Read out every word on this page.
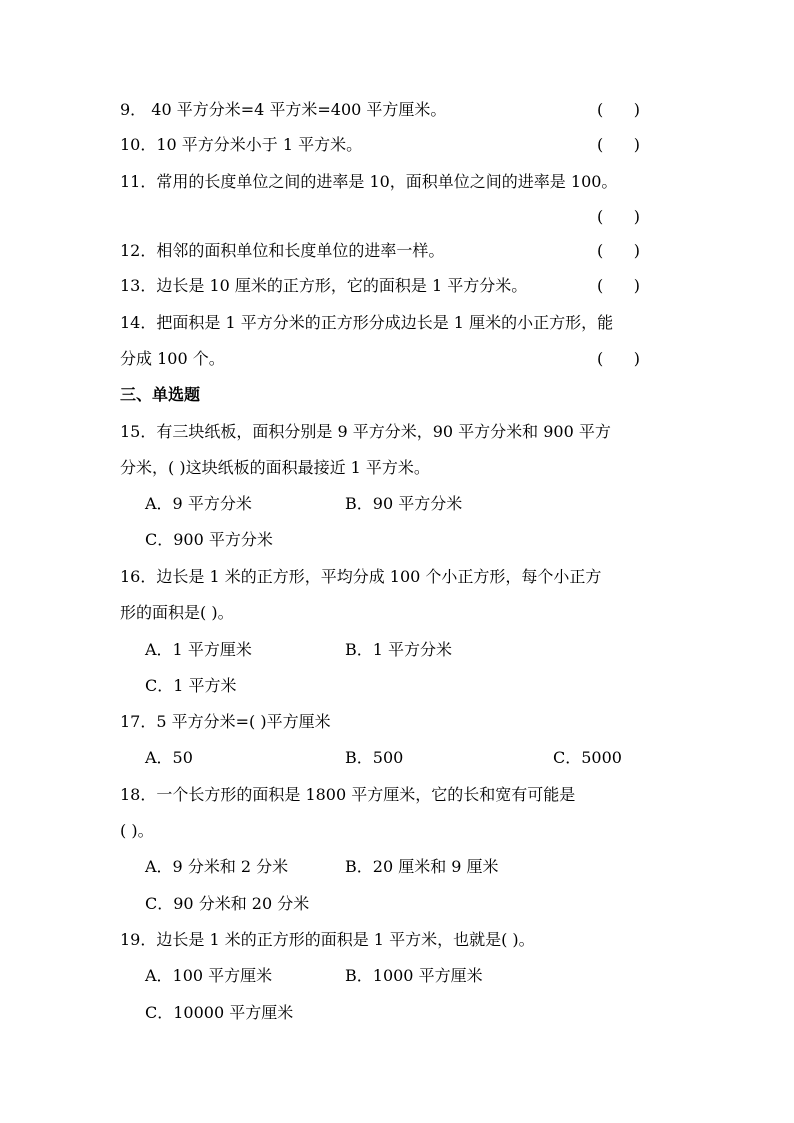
9． 40 平方分米=4 平方米=400 平方厘米。	(      )
10．10 平方分米小于 1 平方米。	(      )
11．常用的长度单位之间的进率是 10，面积单位之间的进率是 100。
(      )
12．相邻的面积单位和长度单位的进率一样。	(      )
13．边长是 10 厘米的正方形，它的面积是 1 平方分米。	(      )
14．把面积是 1 平方分米的正方形分成边长是 1 厘米的小正方形，能
分成 100 个。	(      )
三、单选题
15．有三块纸板，面积分别是 9 平方分米，90 平方分米和 900 平方
分米，( )这块纸板的面积最接近 1 平方米。
A．9 平方分米	B．90 平方分米
C．900 平方分米
16．边长是 1 米的正方形，平均分成 100 个小正方形，每个小正方
形的面积是( )。
A．1 平方厘米	B．1 平方分米
C．1 平方米
17．5 平方分米=( )平方厘米
A．50	B．500	C．5000
18．一个长方形的面积是 1800 平方厘米，它的长和宽有可能是
( )。
A．9 分米和 2 分米	B．20 厘米和 9 厘米
C．90 分米和 20 分米
19．边长是 1 米的正方形的面积是 1 平方米，也就是( )。
A．100 平方厘米	B．1000 平方厘米
C．10000 平方厘米
